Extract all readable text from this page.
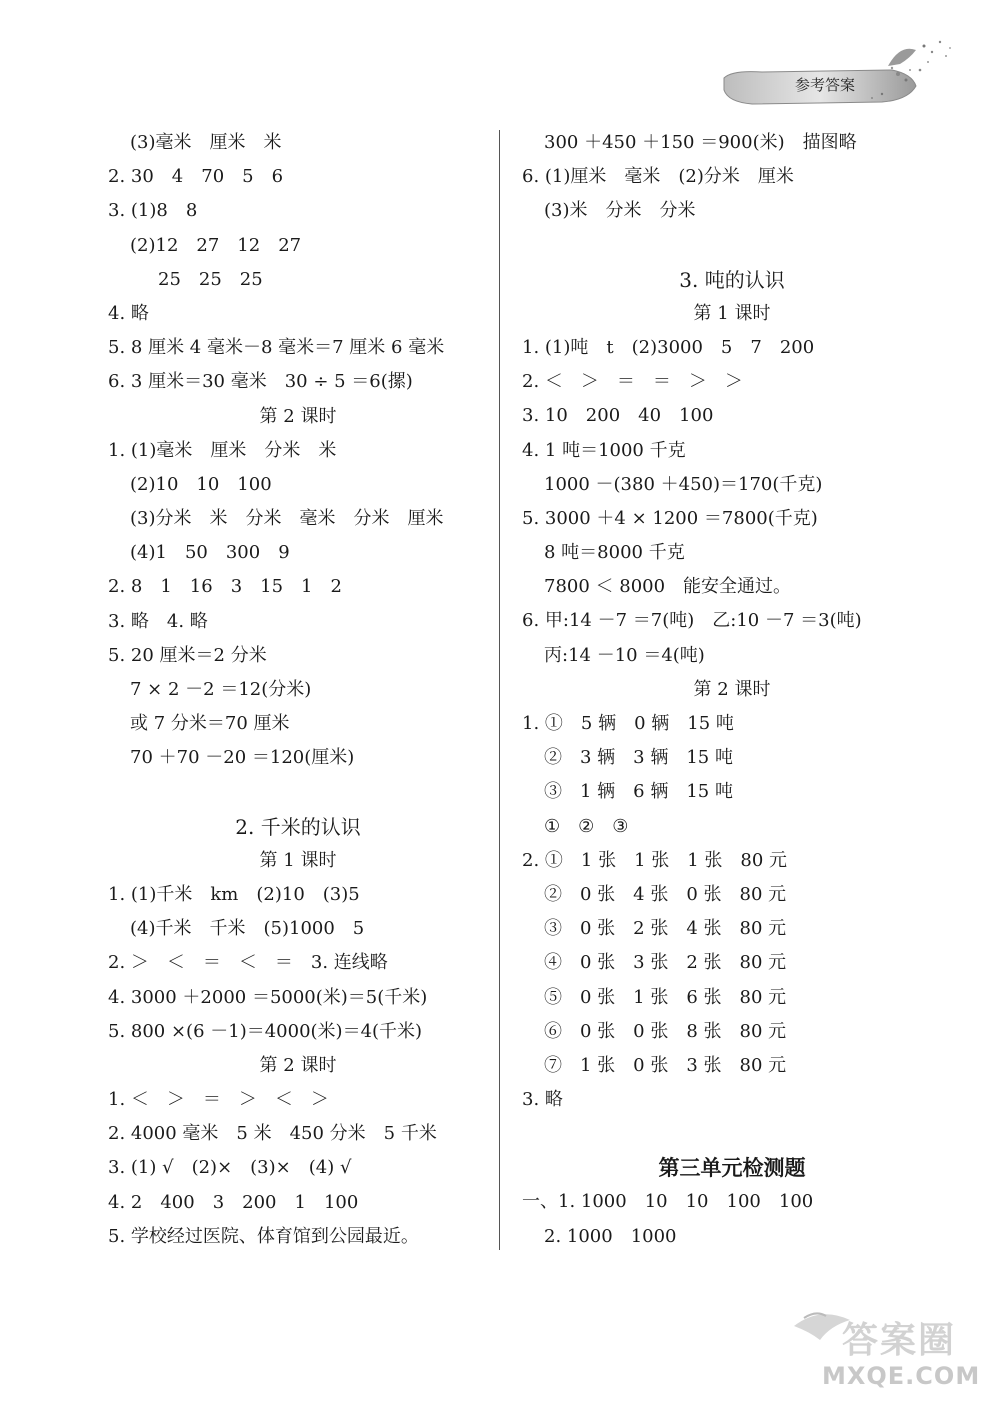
参考答案
(3)毫米　厘米　米
2. 30　4　70　5　6
3. (1)8　8
(2)12　27　12　27
25　25　25
4. 略
5. 8 厘米 4 毫米－8 毫米＝7 厘米 6 毫米
6. 3 厘米＝30 毫米　30 ÷ 5 ＝6(摞)
第 2 课时
1. (1)毫米　厘米　分米　米
(2)10　10　100
(3)分米　米　分米　毫米　分米　厘米
(4)1　50　300　9
2. 8　1　16　3　15　1　2
3. 略　4. 略
5. 20 厘米＝2 分米
7 × 2 －2 ＝12(分米)
或 7 分米＝70 厘米
70 ＋70 －20 ＝120(厘米)
2. 千米的认识
第 1 课时
1. (1)千米　km　(2)10　(3)5
(4)千米　千米　(5)1000　5
2. ＞　＜　＝　＜　＝　3. 连线略
4. 3000 ＋2000 ＝5000(米)＝5(千米)
5. 800 ×(6 －1)＝4000(米)＝4(千米)
第 2 课时
1. ＜　＞　＝　＞　＜　＞
2. 4000 毫米　5 米　450 分米　5 千米
3. (1) √　(2)×　(3)×　(4) √
4. 2　400　3　200　1　100
5. 学校经过医院、体育馆到公园最近。
300 ＋450 ＋150 ＝900(米)　描图略
6. (1)厘米　毫米　(2)分米　厘米
(3)米　分米　分米
3. 吨的认识
第 1 课时
1. (1)吨　t　(2)3000　5　7　200
2. ＜　＞　＝　＝　＞　＞
3. 10　200　40　100
4. 1 吨＝1000 千克
1000 －(380 ＋450)＝170(千克)
5. 3000 ＋4 × 1200 ＝7800(千克)
8 吨＝8000 千克
7800 ＜ 8000　能安全通过。
6. 甲:14 －7 ＝7(吨)　乙:10 －7 ＝3(吨)
丙:14 －10 ＝4(吨)
第 2 课时
1. ①　5 辆　0 辆　15 吨
②　3 辆　3 辆　15 吨
③　1 辆　6 辆　15 吨
①　②　③
2. ①　1 张　1 张　1 张　80 元
②　0 张　4 张　0 张　80 元
③　0 张　2 张　4 张　80 元
④　0 张　3 张　2 张　80 元
⑤　0 张　1 张　6 张　80 元
⑥　0 张　0 张　8 张　80 元
⑦　1 张　0 张　3 张　80 元
3. 略
第三单元检测题
一、1. 1000　10　10　100　100
2. 1000　1000
答案圈
MXQE.COM
